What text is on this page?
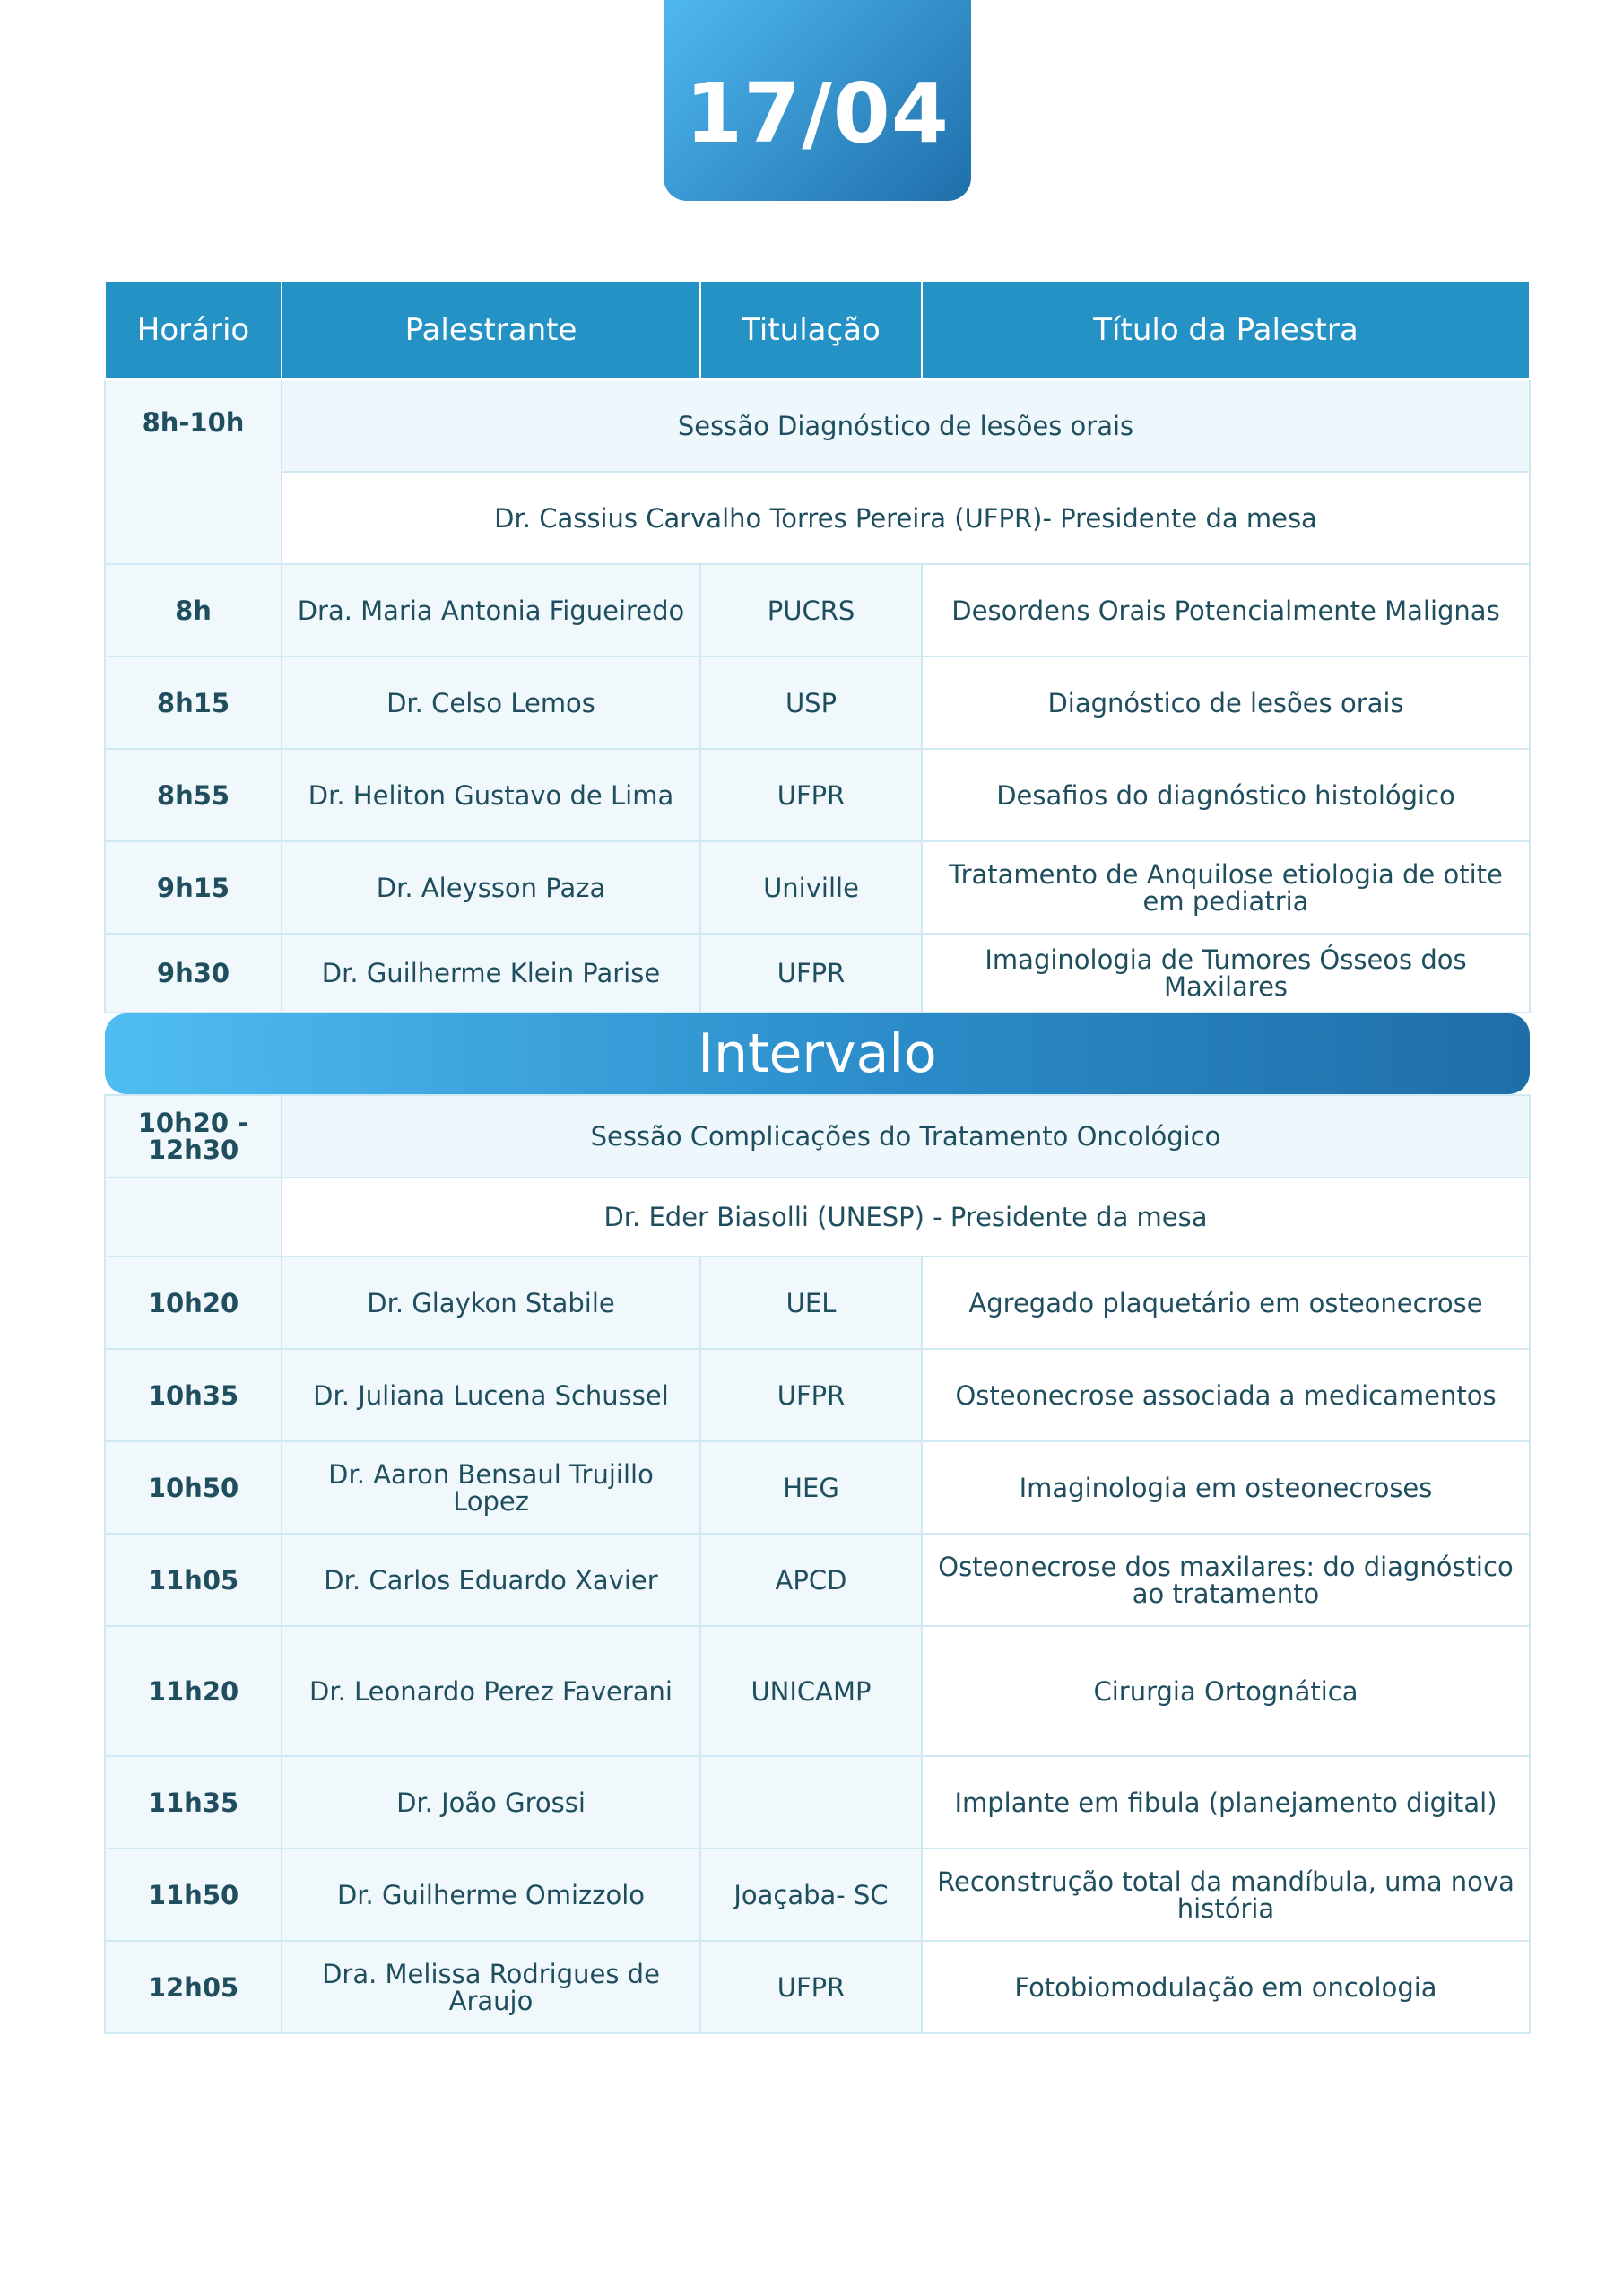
17/04
Horário	Palestrante	Titulação	Título da Palestra
8h-10h	Sessão Diagnóstico de lesões orais		
	Dr. Cassius Carvalho Torres Pereira (UFPR)- Presidente da mesa		
8h	Dra. Maria Antonia Figueiredo	PUCRS	Desordens Orais Potencialmente Malignas
8h15	Dr. Celso Lemos	USP	Diagnóstico de lesões orais
8h55	Dr. Heliton Gustavo de Lima	UFPR	Desafios do diagnóstico histológico
9h15	Dr. Aleysson Paza	Univille	Tratamento de Anquilose etiologia de otite em pediatria
9h30	Dr. Guilherme Klein Parise	UFPR	Imaginologia de Tumores Ósseos dos Maxilares

Intervalo			

10h20 - 12h30	Sessão Complicações do Tratamento Oncológico		
	Dr. Eder Biasolli (UNESP) - Presidente da mesa		
10h20	Dr. Glaykon Stabile	UEL	Agregado plaquetário em osteonecrose
10h35	Dr. Juliana Lucena Schussel	UFPR	Osteonecrose associada a medicamentos
10h50	Dr. Aaron Bensaul Trujillo Lopez	HEG	Imaginologia em osteonecroses
11h05	Dr. Carlos Eduardo Xavier	APCD	Osteonecrose dos maxilares: do diagnóstico ao tratamento
11h20	Dr. Leonardo Perez Faverani	UNICAMP	Cirurgia Ortognática
11h35	Dr. João Grossi		Implante em fibula (planejamento digital)
11h50	Dr. Guilherme Omizzolo	Joaçaba- SC	Reconstrução total da mandíbula, uma nova história
12h05	Dra. Melissa Rodrigues de Araujo	UFPR	Fotobiomodulação em oncologia
